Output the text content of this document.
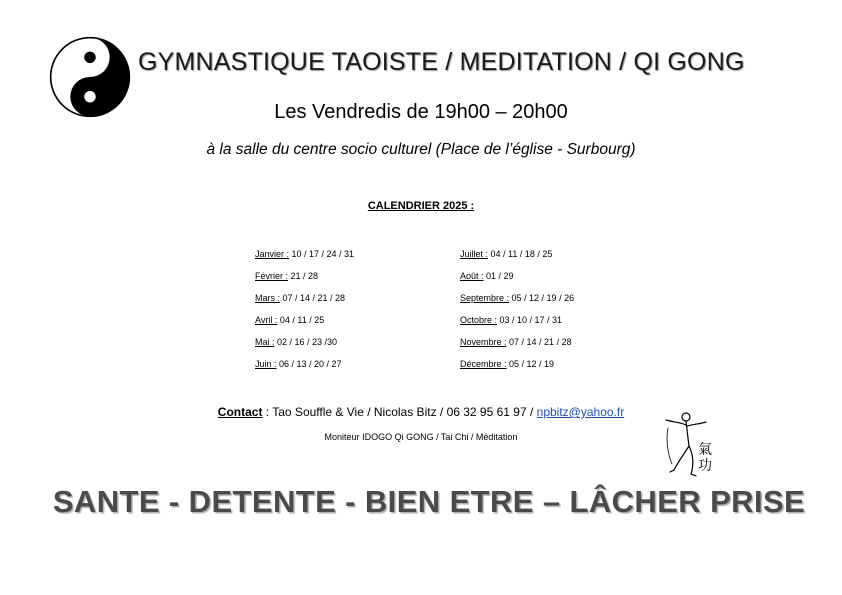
GYMNASTIQUE TAOISTE / MEDITATION / QI GONG
Les Vendredis de 19h00 – 20h00
à la salle du centre socio culturel (Place de l’église - Surbourg)
CALENDRIER 2025 :
Janvier : 10 / 17 / 24 / 31
Février : 21 / 28
Mars : 07 / 14 / 21 / 28
Avril : 04 / 11 / 25
Mai : 02 / 16 / 23 /30
Juin : 06 / 13 / 20 / 27
Juillet : 04 / 11 / 18 / 25
Août : 01 / 29
Septembre : 05 / 12 / 19 / 26
Octobre : 03 / 10 / 17 / 31
Novembre : 07 / 14 / 21 / 28
Décembre : 05 / 12 / 19
Contact : Tao Souffle & Vie / Nicolas Bitz / 06 32 95 61 97 / npbitz@yahoo.fr
Moniteur IDOGO Qi GONG / Tai Chi / Méditation
氣功
SANTE - DETENTE - BIEN ETRE – LÂCHER PRISE
